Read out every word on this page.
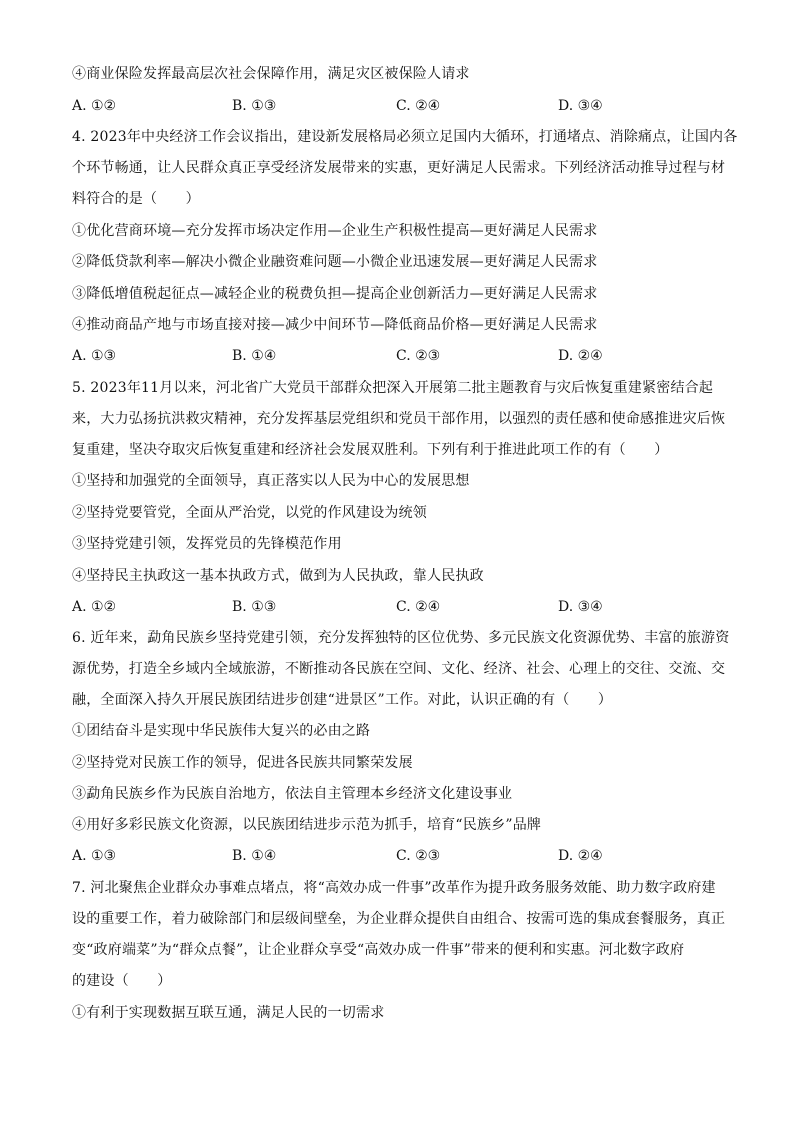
④商业保险发挥最高层次社会保障作用，满足灾区被保险人请求
A. ①②	B. ①③	C. ②④	D. ③④
4. 2023年中央经济工作会议指出，建设新发展格局必须立足国内大循环，打通堵点、消除痛点，让国内各
个环节畅通，让人民群众真正享受经济发展带来的实惠，更好满足人民需求。下列经济活动推导过程与材
料符合的是（　　）
①优化营商环境—充分发挥市场决定作用—企业生产积极性提高—更好满足人民需求
②降低贷款利率—解决小微企业融资难问题—小微企业迅速发展—更好满足人民需求
③降低增值税起征点—减轻企业的税费负担—提高企业创新活力—更好满足人民需求
④推动商品产地与市场直接对接—减少中间环节—降低商品价格—更好满足人民需求
A. ①③	B. ①④	C. ②③	D. ②④
5. 2023年11月以来，河北省广大党员干部群众把深入开展第二批主题教育与灾后恢复重建紧密结合起
来，大力弘扬抗洪救灾精神，充分发挥基层党组织和党员干部作用，以强烈的责任感和使命感推进灾后恢
复重建，坚决夺取灾后恢复重建和经济社会发展双胜利。下列有利于推进此项工作的有（　　）
①坚持和加强党的全面领导，真正落实以人民为中心的发展思想
②坚持党要管党，全面从严治党，以党的作风建设为统领
③坚持党建引领，发挥党员的先锋模范作用
④坚持民主执政这一基本执政方式，做到为人民执政，靠人民执政
A. ①②	B. ①③	C. ②④	D. ③④
6. 近年来，勐角民族乡坚持党建引领，充分发挥独特的区位优势、多元民族文化资源优势、丰富的旅游资
源优势，打造全乡域内全域旅游，不断推动各民族在空间、文化、经济、社会、心理上的交往、交流、交
融，全面深入持久开展民族团结进步创建“进景区”工作。对此，认识正确的有（　　）
①团结奋斗是实现中华民族伟大复兴的必由之路
②坚持党对民族工作的领导，促进各民族共同繁荣发展
③勐角民族乡作为民族自治地方，依法自主管理本乡经济文化建设事业
④用好多彩民族文化资源，以民族团结进步示范为抓手，培育“民族乡”品牌
A. ①③	B. ①④	C. ②③	D. ②④
7. 河北聚焦企业群众办事难点堵点，将“高效办成一件事”改革作为提升政务服务效能、助力数字政府建
设的重要工作，着力破除部门和层级间壁垒，为企业群众提供自由组合、按需可选的集成套餐服务，真正
变“政府端菜”为“群众点餐”，让企业群众享受“高效办成一件事”带来的便利和实惠。河北数字政府
的建设（　　）
①有利于实现数据互联互通，满足人民的一切需求
